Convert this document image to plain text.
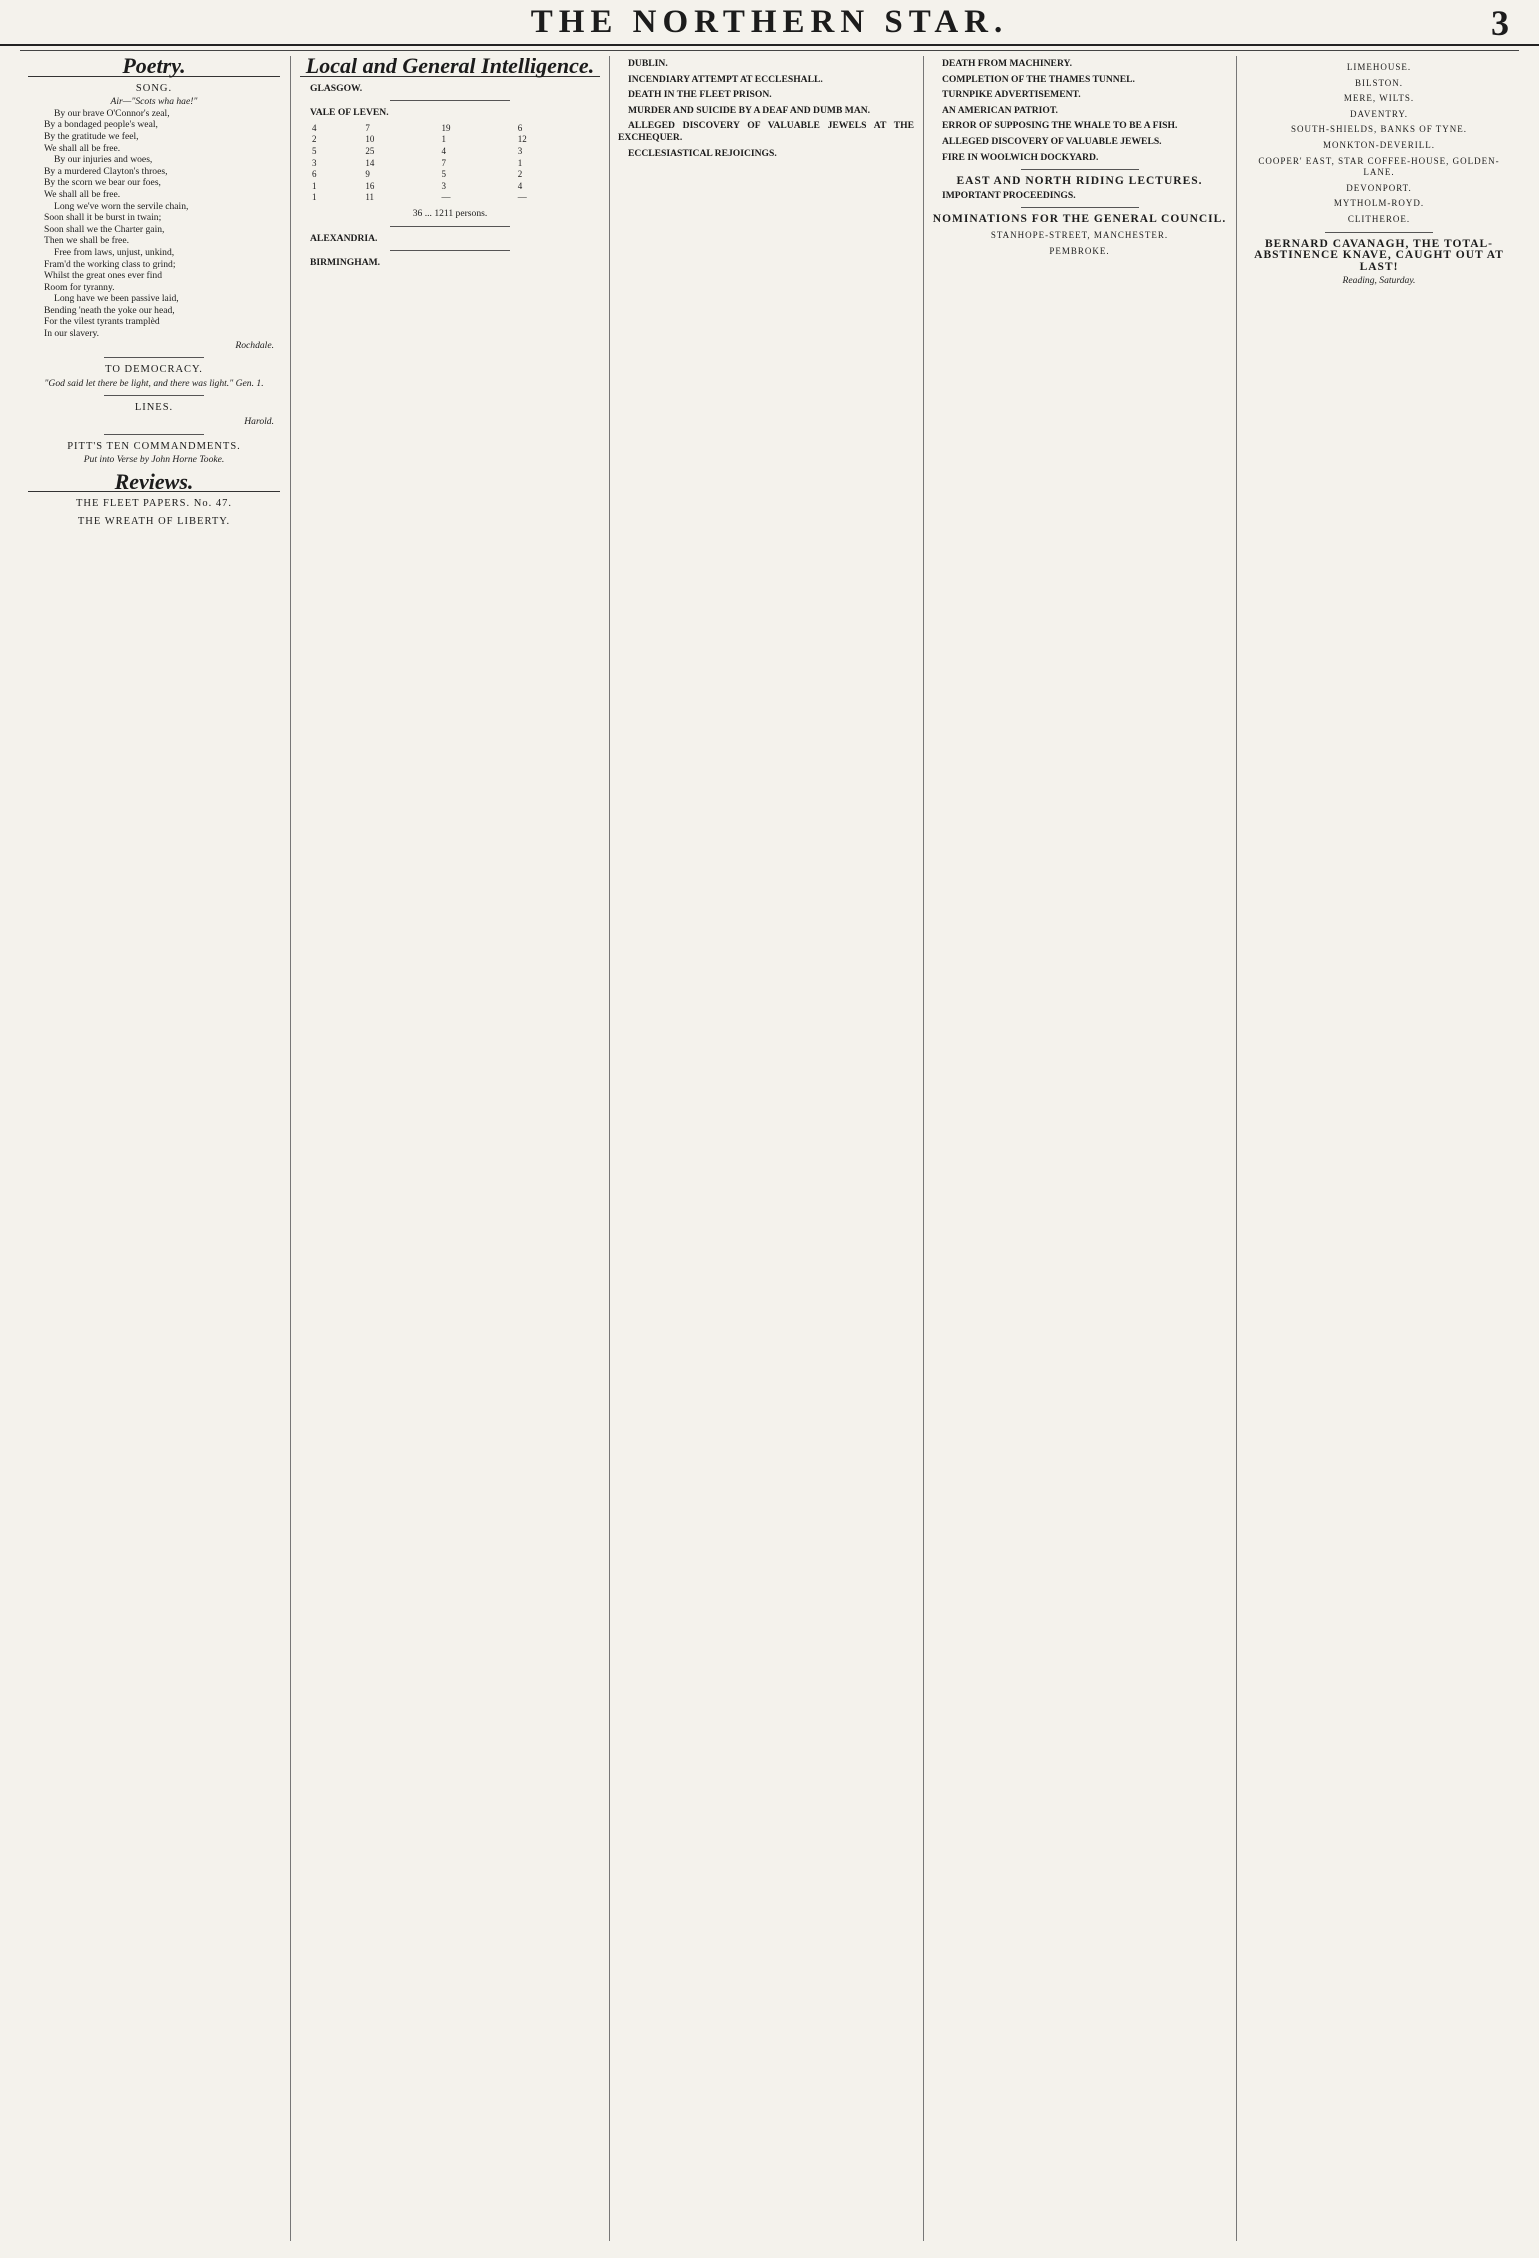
THE NORTHERN STAR.	3
Poetry.
SONG.
Air—"Scots wha hae!"

By our brave O'Connor's zeal,
By a bondaged people's weal,
By the gratitude we feel,
We shall all be free.

By our injuries and woes,
By a murdered Clayton's throes,
By the scorn we bear our foes,
We shall all be free.

Long we've worn the servile chain,
Soon shall it be burst in twain;
Soon shall we the Charter gain,
Then we shall be free.

Free from laws, unjust, unkind,
Fram'd the working class to grind;
Whilst the great ones ever find
Room for tyranny.

Long have we been passive laid,
Bending 'neath the yoke our head,
For the vilest tyrants tramplèd
In our slavery.

Rochdale.
TO DEMOCRACY.
"God said let there be light, and there was light." Gen. 1.
LINES.
Harold.
PITT'S TEN COMMANDMENTS.
Put into Verse by John Horne Tooke.
Reviews.
THE FLEET PAPERS. No. 47.
THE WREATH OF LIBERTY.
Local and General Intelligence.

GLASGOW.

VALE OF LEVEN.

4	7	19	6
2	10	1	12
5	25	4	3
3	14	7	1
6	9	5	2
1	16	3	4
1	11	—	—
36 ... 1211 persons.

ALEXANDRIA.

BIRMINGHAM.

DUBLIN.

INCENDIARY ATTEMPT AT ECCLESHALL.

DEATH IN THE FLEET PRISON.

MURDER AND SUICIDE BY A DEAF AND DUMB MAN.

ALLEGED DISCOVERY OF VALUABLE JEWELS AT THE EXCHEQUER.

ECCLESIASTICAL REJOICINGS.

DEATH FROM MACHINERY.

COMPLETION OF THE THAMES TUNNEL.

TURNPIKE ADVERTISEMENT.

AN AMERICAN PATRIOT.

ERROR OF SUPPOSING THE WHALE TO BE A FISH.

ALLEGED DISCOVERY OF VALUABLE JEWELS.

FIRE IN WOOLWICH DOCKYARD.

EAST AND NORTH RIDING LECTURES.

IMPORTANT PROCEEDINGS.

NOMINATIONS FOR THE GENERAL COUNCIL.
STANHOPE-STREET, MANCHESTER.
PEMBROKE.
LIMEHOUSE.
BILSTON.
MERE, WILTS.
DAVENTRY.
SOUTH-SHIELDS, BANKS OF TYNE.
MONKTON-DEVERILL.
COOPER' EAST, STAR COFFEE-HOUSE, GOLDEN-LANE.
DEVONPORT.
MYTHOLM-ROYD.
CLITHEROE.
BERNARD CAVANAGH, THE TOTAL-ABSTINENCE KNAVE, CAUGHT OUT AT LAST!
Reading, Saturday.
